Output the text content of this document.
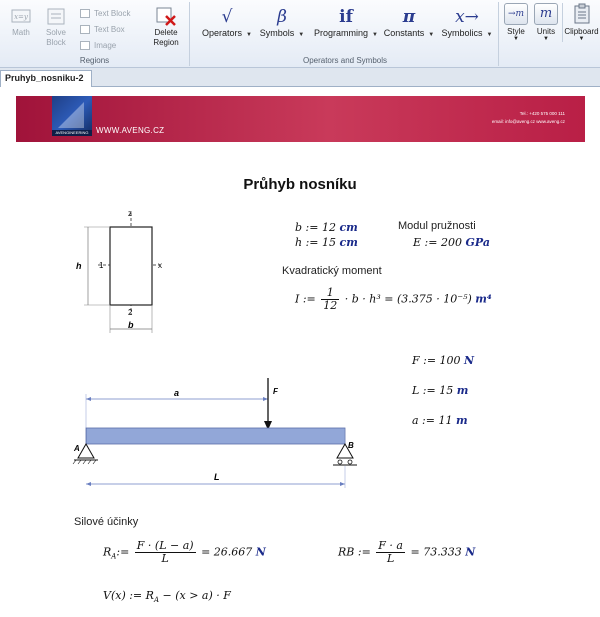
x=y
Math	Solve Block
Text Block
Text Box
Image
Delete Region
Regions
√
Operators ▼
β
Symbols ▼
if
Programming ▼
π
Constants ▼
x→
Symbolics ▼
Operators and Symbols
→m
Style
▼
m
Units
▼
Clipboard
▼
Pruhyb_nosniku-2
AVENGINEERING WWW.AVENG.CZ
Tel.: +420 575 000 111
email: info@aveng.cz www.aveng.cz
Průhyb nosníku
z
x
1
2
h
b
b := 12 cm
h := 15 cm
Modul pružnosti
E := 200 GPa
Kvadratický moment
I := $\frac{1}{12} \cdot b \cdot h^3 = (3.375 \cdot 10^{-5})$ m⁴
F := 100 N
L := 15 m
a := 11 m
a	F
A	B
L
Silové účinky
$R_A:= \frac{F \cdot (L - a)}{L} = 26.667$ N	RB := $\frac{F \cdot a}{L} = 73.333$ N
V(x) := $R_A - (x > a) \cdot F$
